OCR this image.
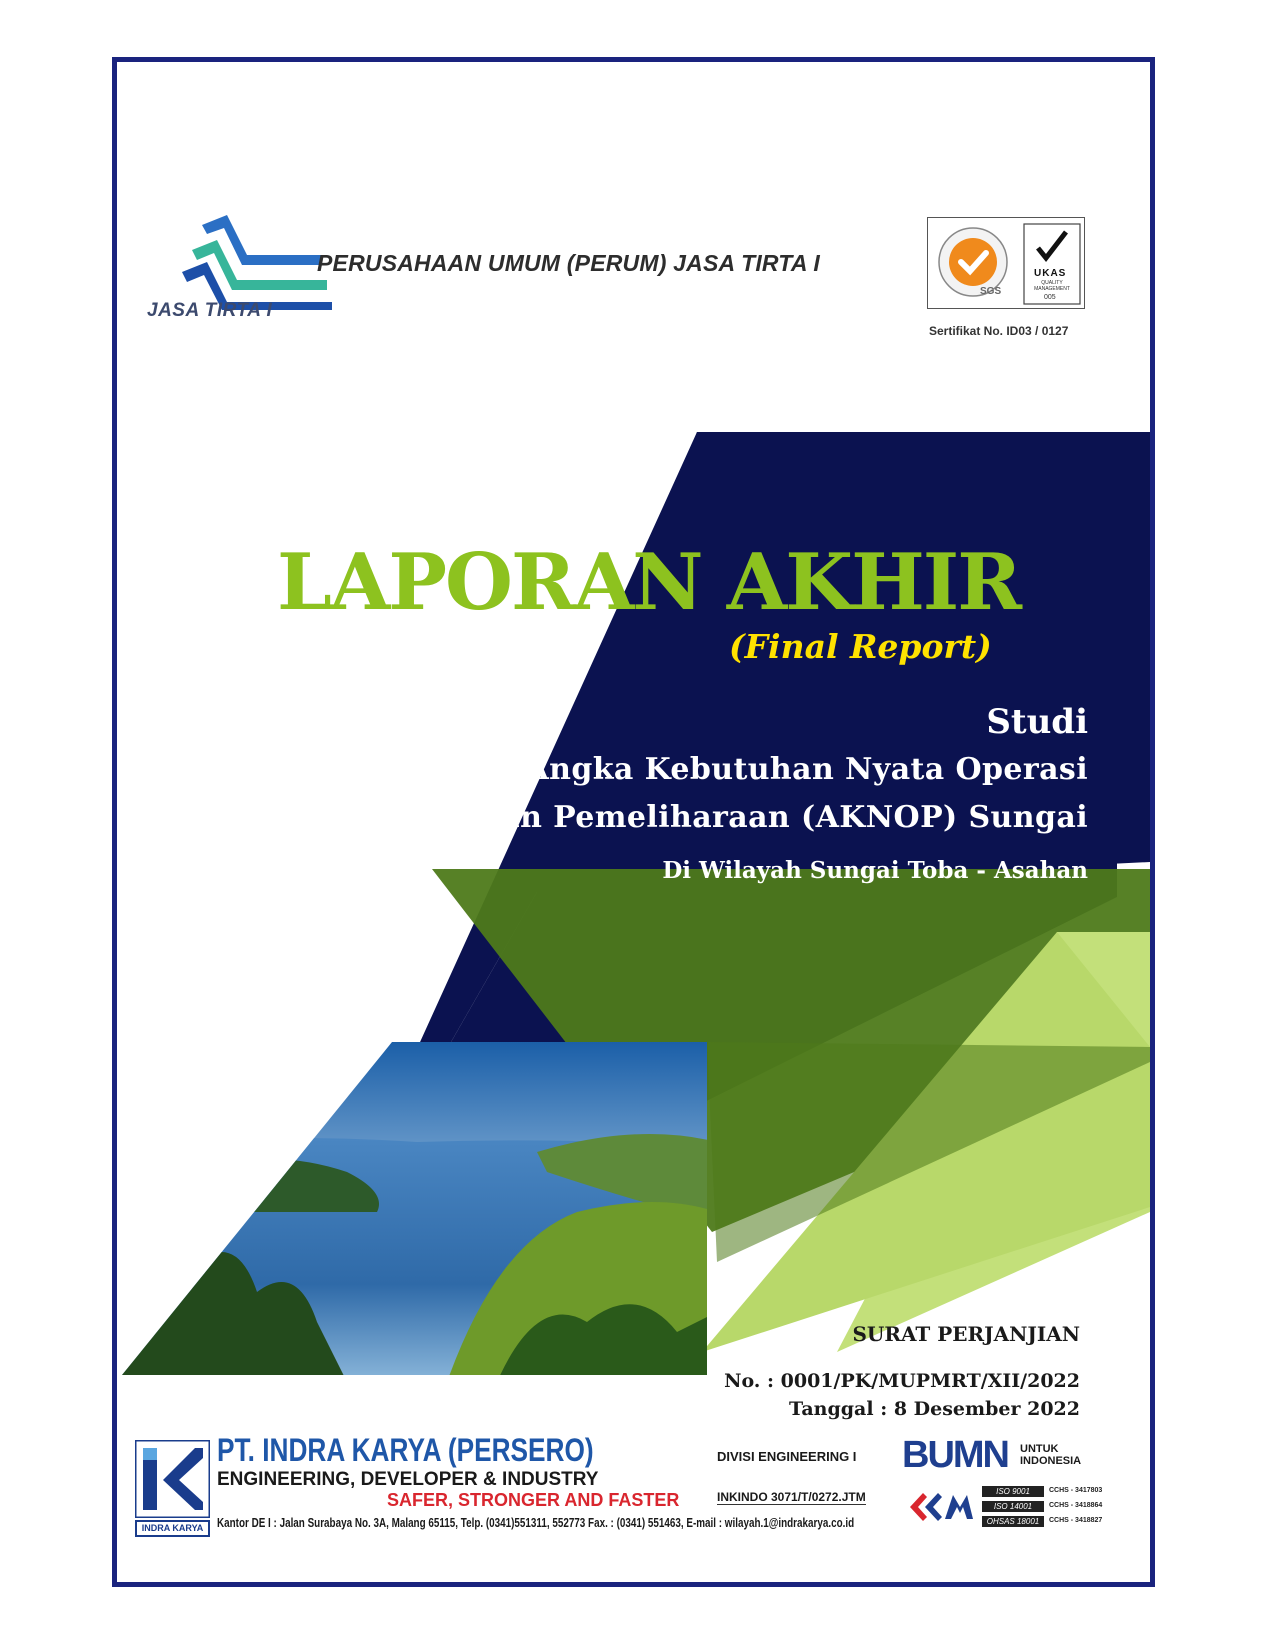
JASA TIRTA I
PERUSAHAAN UMUM (PERUM) JASA TIRTA I
SGS
UKAS
QUALITY MANAGEMENT
005
Sertifikat No. ID03 / 0127
LAPORAN AKHIR
(Final Report)
Studi
Angka Kebutuhan Nyata Operasi
Dan Pemeliharaan (AKNOP) Sungai
Di Wilayah Sungai Toba - Asahan
SURAT PERJANJIAN
No. : 0001/PK/MUPMRT/XII/2022
Tanggal : 8 Desember 2022
INDRA KARYA
PT. INDRA KARYA (PERSERO)
ENGINEERING, DEVELOPER & INDUSTRY
SAFER, STRONGER AND FASTER
Kantor DE I : Jalan Surabaya No. 3A, Malang 65115, Telp. (0341)551311, 552773 Fax. : (0341) 551463, E-mail : wilayah.1@indrakarya.co.id
DIVISI ENGINEERING I
INKINDO 3071/T/0272.JTM
BUMN UNTUK
INDONESIA
ISO 9001	CCHS - 3417803
ISO 14001	CCHS - 3418864
OHSAS 18001	CCHS - 3418827
